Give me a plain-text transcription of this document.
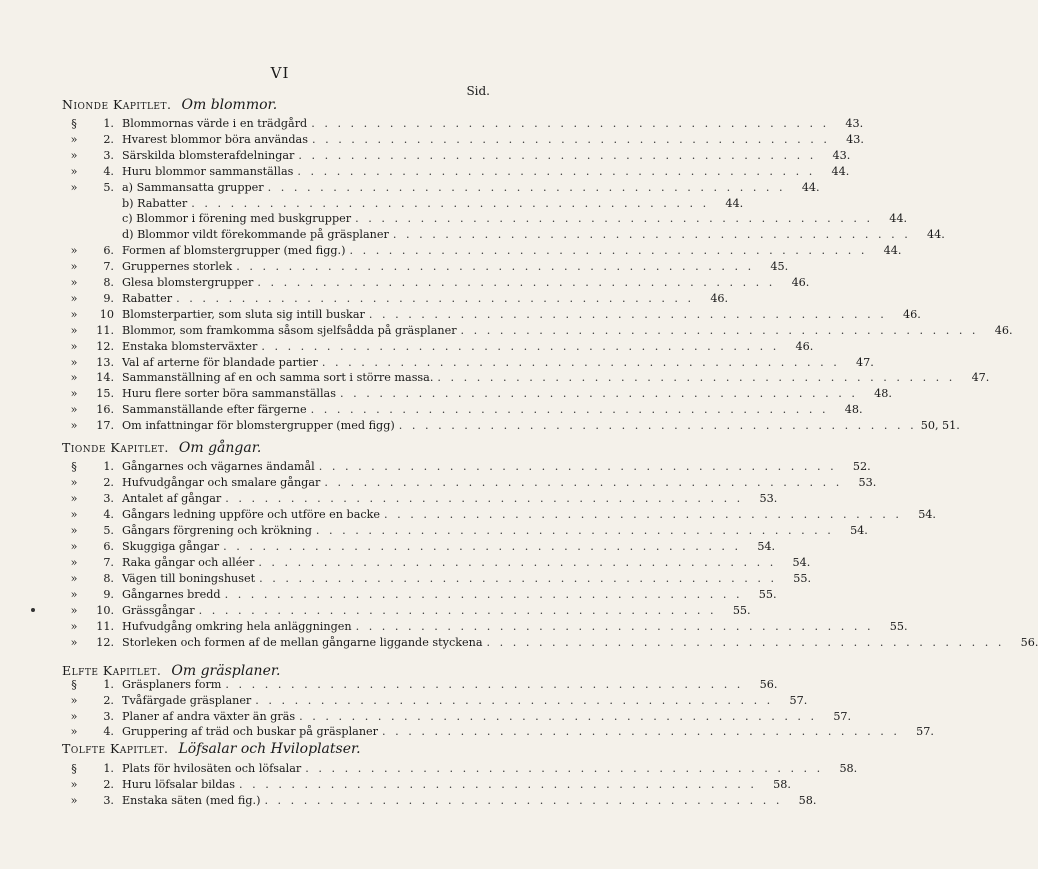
VI
Sid.
Nionde Kapitlet. Om blommor.
§	1. Blommornas värde i en trädgård . . . . . . . . . . . . . . . . . . . . . . . . . . . . . . . . . . . . . . . .	43.
»	2. Hvarest blommor böra användas . . . . . . . . . . . . . . . . . . . . . . . . . . . . . . . . . . . . . . . .	43.
»	3. Särskilda blomsterafdelningar . . . . . . . . . . . . . . . . . . . . . . . . . . . . . . . . . . . . . . . .	43.
»	4. Huru blommor sammanställas . . . . . . . . . . . . . . . . . . . . . . . . . . . . . . . . . . . . . . . .	44.
»	5. a) Sammansatta grupper . . . . . . . . . . . . . . . . . . . . . . . . . . . . . . . . . . . . . . . .	44.
b) Rabatter . . . . . . . . . . . . . . . . . . . . . . . . . . . . . . . . . . . . . . . .	44.
c) Blommor i förening med buskgrupper . . . . . . . . . . . . . . . . . . . . . . . . . . . . . . . . . . . . . . . .	44.
d) Blommor vildt förekommande på gräsplaner . . . . . . . . . . . . . . . . . . . . . . . . . . . . . . . . . . . . . . . .	44.
»	6. Formen af blomstergrupper (med figg.) . . . . . . . . . . . . . . . . . . . . . . . . . . . . . . . . . . . . . . . .	44.
»	7. Gruppernes storlek . . . . . . . . . . . . . . . . . . . . . . . . . . . . . . . . . . . . . . . .	45.
»	8. Glesa blomstergrupper . . . . . . . . . . . . . . . . . . . . . . . . . . . . . . . . . . . . . . . .	46.
»	9. Rabatter . . . . . . . . . . . . . . . . . . . . . . . . . . . . . . . . . . . . . . . .	46.
»	10 Blomsterpartier, som sluta sig intill buskar . . . . . . . . . . . . . . . . . . . . . . . . . . . . . . . . . . . . . . . .	46.
»	11. Blommor, som framkomma såsom sjelfsådda på gräsplaner . . . . . . . . . . . . . . . . . . . . . . . . . . . . . . . . . . . . . . . .	46.
»	12. Enstaka blomsterväxter . . . . . . . . . . . . . . . . . . . . . . . . . . . . . . . . . . . . . . . .	46.
»	13. Val af arterne för blandade partier . . . . . . . . . . . . . . . . . . . . . . . . . . . . . . . . . . . . . . . .	47.
»	14. Sammanställning af en och samma sort i större massa. . . . . . . . . . . . . . . . . . . . . . . . . . . . . . . . . . . . . . . . .	47.
»	15. Huru flere sorter böra sammanställas . . . . . . . . . . . . . . . . . . . . . . . . . . . . . . . . . . . . . . . .	48.
»	16. Sammanställande efter färgerne . . . . . . . . . . . . . . . . . . . . . . . . . . . . . . . . . . . . . . . .	48.
»	17. Om infattningar för blomstergrupper (med figg) . . . . . . . . . . . . . . . . . . . . . . . . . . . . . . . . . . . . . . . . 50, 51.
Tionde Kapitlet. Om gångar.
§	1. Gångarnes och vägarnes ändamål . . . . . . . . . . . . . . . . . . . . . . . . . . . . . . . . . . . . . . . .	52.
»	2. Hufvudgångar och smalare gångar . . . . . . . . . . . . . . . . . . . . . . . . . . . . . . . . . . . . . . . .	53.
»	3. Antalet af gångar . . . . . . . . . . . . . . . . . . . . . . . . . . . . . . . . . . . . . . . .	53.
»	4. Gångars ledning uppföre och utföre en backe . . . . . . . . . . . . . . . . . . . . . . . . . . . . . . . . . . . . . . . .	54.
»	5. Gångars förgrening och krökning . . . . . . . . . . . . . . . . . . . . . . . . . . . . . . . . . . . . . . . .	54.
»	6. Skuggiga gångar . . . . . . . . . . . . . . . . . . . . . . . . . . . . . . . . . . . . . . . .	54.
»	7. Raka gångar och alléer . . . . . . . . . . . . . . . . . . . . . . . . . . . . . . . . . . . . . . . .	54.
»	8. Vägen till boningshuset . . . . . . . . . . . . . . . . . . . . . . . . . . . . . . . . . . . . . . . .	55.
»	9. Gångarnes bredd . . . . . . . . . . . . . . . . . . . . . . . . . . . . . . . . . . . . . . . .	55.
»	10. Grässgångar . . . . . . . . . . . . . . . . . . . . . . . . . . . . . . . . . . . . . . . .	55.
»	11. Hufvudgång omkring hela anläggningen . . . . . . . . . . . . . . . . . . . . . . . . . . . . . . . . . . . . . . . .	55.
»	12. Storleken och formen af de mellan gångarne liggande styckena . . . . . . . . . . . . . . . . . . . . . . . . . . . . . . . . . . . . . . . .	56.
Elfte Kapitlet. Om gräsplaner.
§	1. Gräsplaners form . . . . . . . . . . . . . . . . . . . . . . . . . . . . . . . . . . . . . . . .	56.
»	2. Tvåfärgade gräsplaner . . . . . . . . . . . . . . . . . . . . . . . . . . . . . . . . . . . . . . . .	57.
»	3. Planer af andra växter än gräs . . . . . . . . . . . . . . . . . . . . . . . . . . . . . . . . . . . . . . . .	57.
»	4. Gruppering af träd och buskar på gräsplaner . . . . . . . . . . . . . . . . . . . . . . . . . . . . . . . . . . . . . . . .	57.
Tolfte Kapitlet. Löfsalar och Hviloplatser.
§	1. Plats för hvilosäten och löfsalar . . . . . . . . . . . . . . . . . . . . . . . . . . . . . . . . . . . . . . . .	58.
»	2. Huru löfsalar bildas . . . . . . . . . . . . . . . . . . . . . . . . . . . . . . . . . . . . . . . .	58.
»	3. Enstaka säten (med fig.) . . . . . . . . . . . . . . . . . . . . . . . . . . . . . . . . . . . . . . . .	58.
